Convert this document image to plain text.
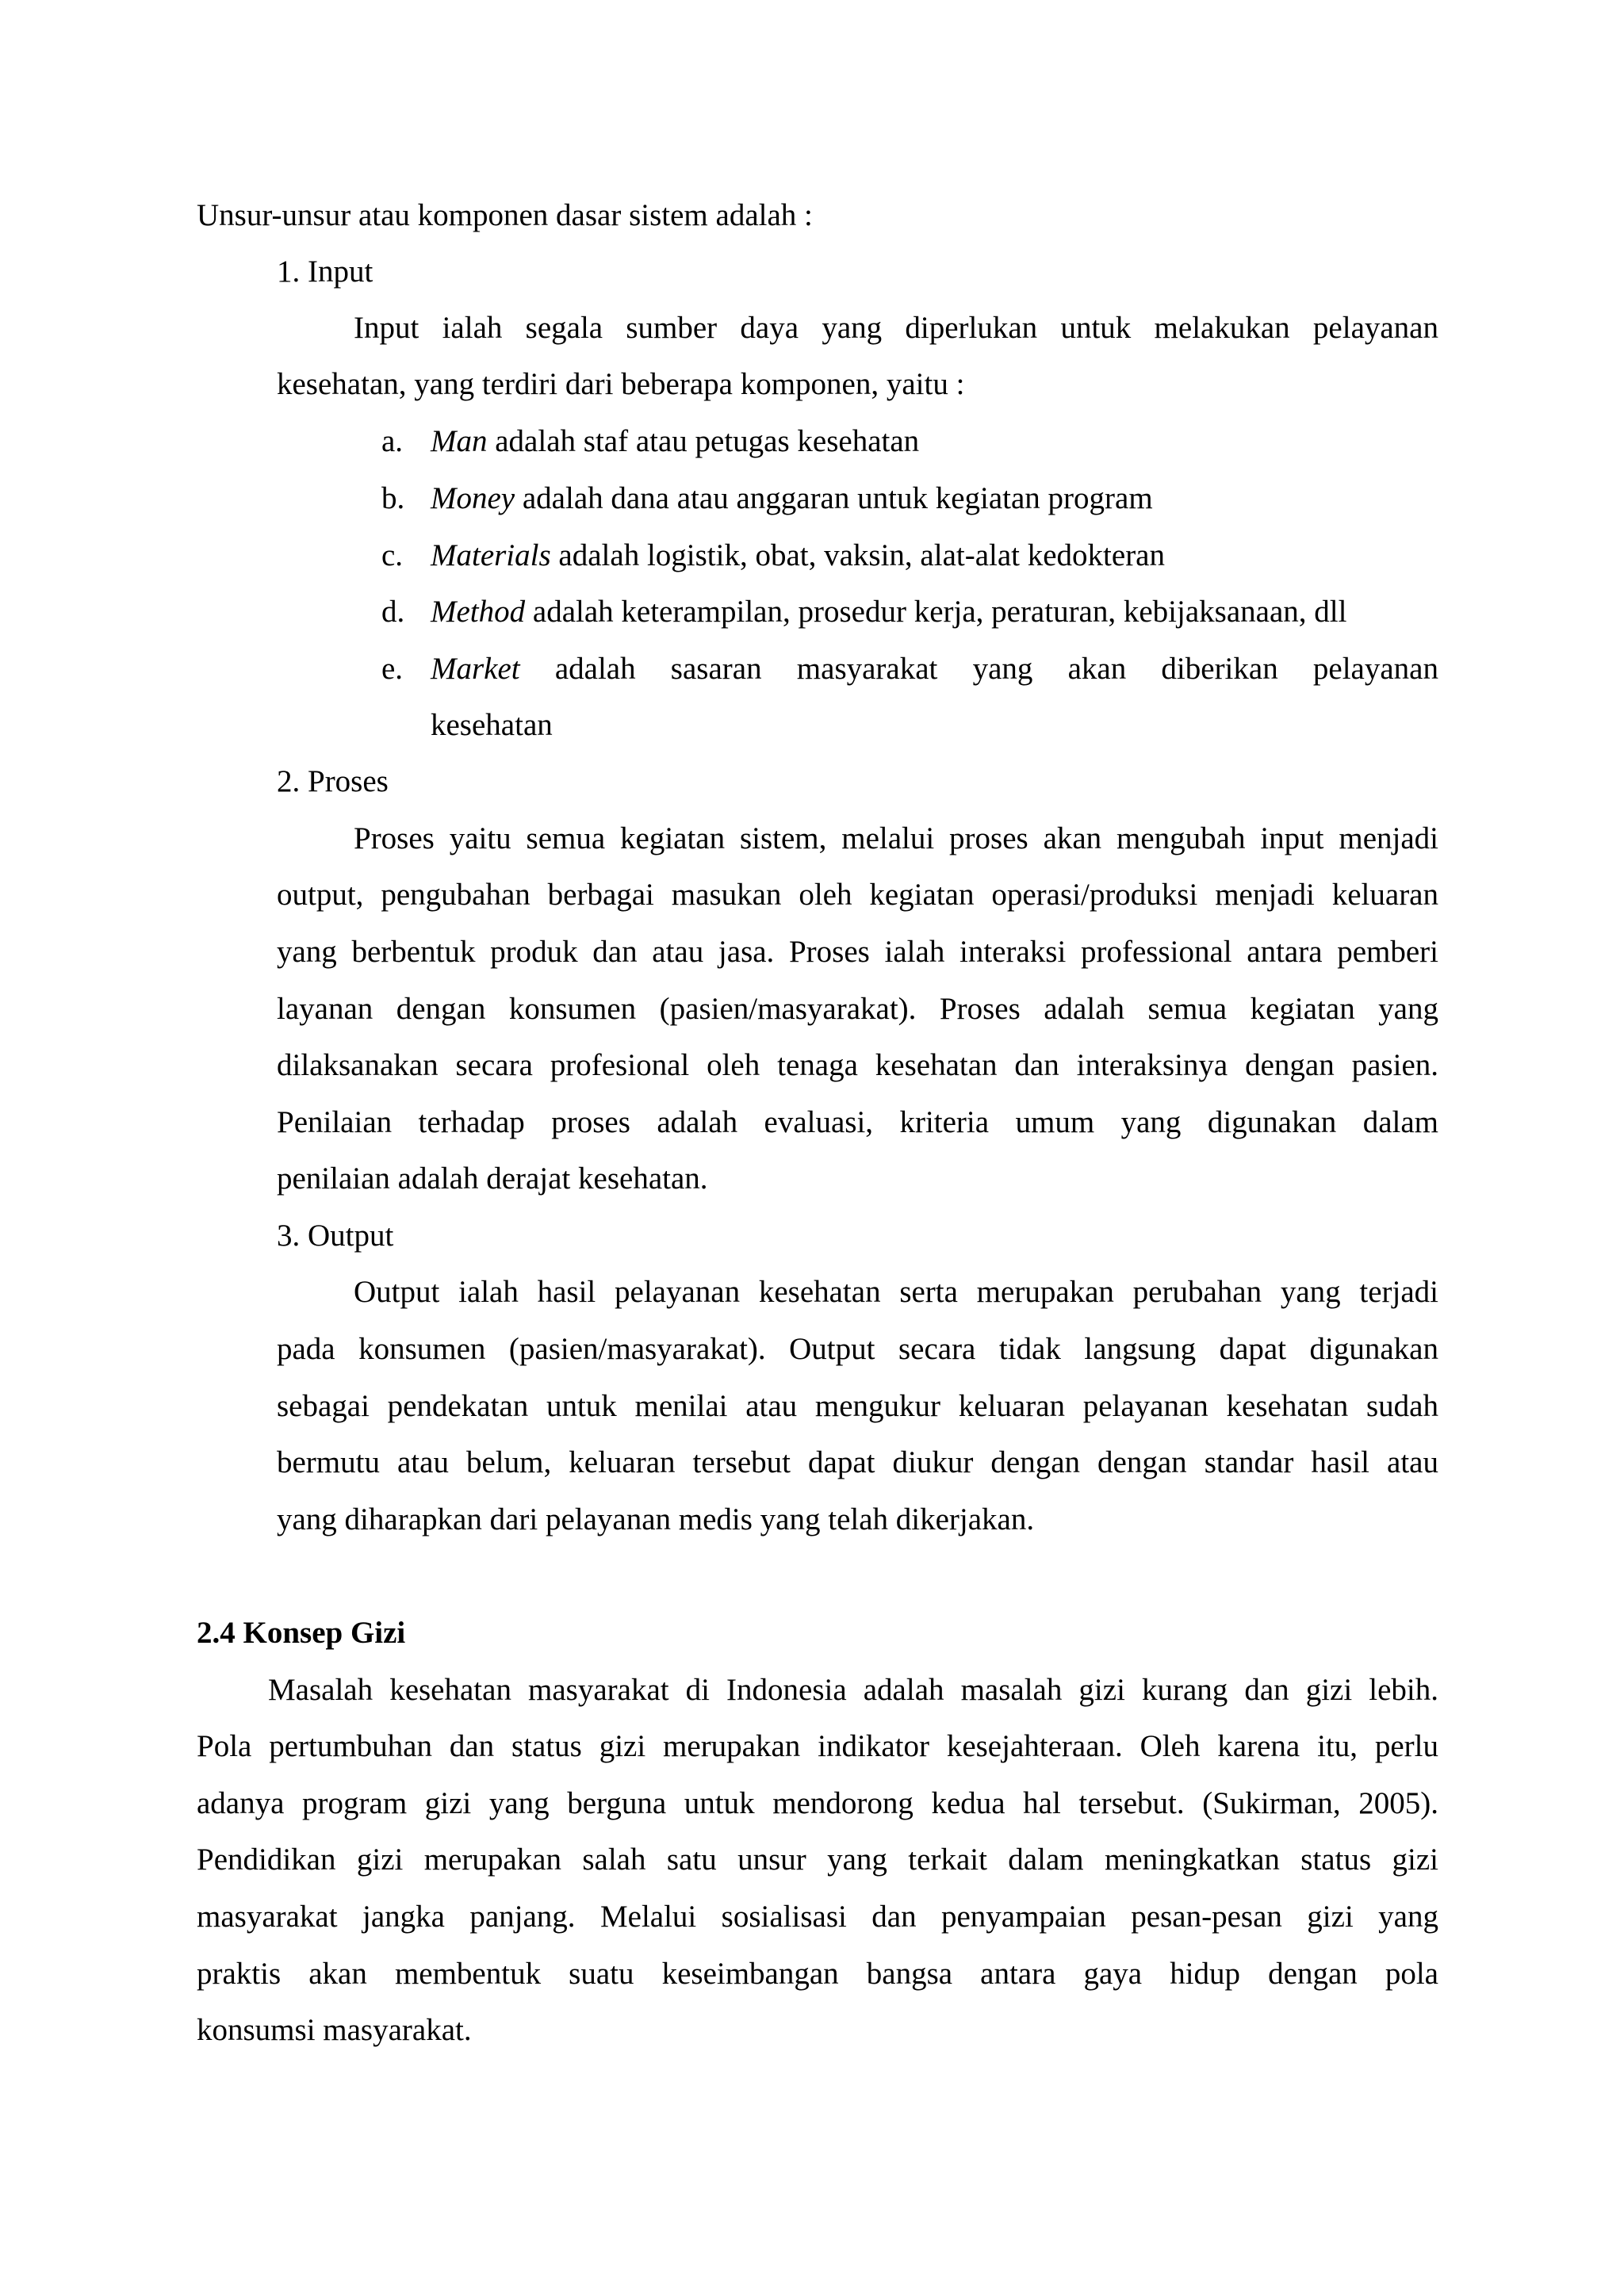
Unsur-unsur atau komponen dasar sistem adalah :
1. Input
Input ialah segala sumber daya yang diperlukan untuk melakukan pelayanan
kesehatan, yang terdiri dari beberapa komponen, yaitu :
a. Man adalah staf atau petugas kesehatan
b. Money adalah dana atau anggaran untuk kegiatan program
c. Materials adalah logistik, obat, vaksin, alat-alat kedokteran
d. Method adalah keterampilan, prosedur kerja, peraturan, kebijaksanaan, dll
e. Market adalah sasaran masyarakat yang akan diberikan pelayanan
kesehatan
2. Proses
Proses yaitu semua kegiatan sistem, melalui proses akan mengubah input menjadi
output, pengubahan berbagai masukan oleh kegiatan operasi/produksi menjadi keluaran
yang berbentuk produk dan atau jasa. Proses ialah interaksi professional antara pemberi
layanan dengan konsumen (pasien/masyarakat). Proses adalah semua kegiatan yang
dilaksanakan secara profesional oleh tenaga kesehatan dan interaksinya dengan pasien.
Penilaian terhadap proses adalah evaluasi, kriteria umum yang digunakan dalam
penilaian adalah derajat kesehatan.
3. Output
Output ialah hasil pelayanan kesehatan serta merupakan perubahan yang terjadi
pada konsumen (pasien/masyarakat). Output secara tidak langsung dapat digunakan
sebagai pendekatan untuk menilai atau mengukur keluaran pelayanan kesehatan sudah
bermutu atau belum, keluaran tersebut dapat diukur dengan dengan standar hasil atau
yang diharapkan dari pelayanan medis yang telah dikerjakan.
2.4 Konsep Gizi
Masalah kesehatan masyarakat di Indonesia adalah masalah gizi kurang dan gizi lebih.
Pola pertumbuhan dan status gizi merupakan indikator kesejahteraan. Oleh karena itu, perlu
adanya program gizi yang berguna untuk mendorong kedua hal tersebut. (Sukirman, 2005).
Pendidikan gizi merupakan salah satu unsur yang terkait dalam meningkatkan status gizi
masyarakat jangka panjang. Melalui sosialisasi dan penyampaian pesan-pesan gizi yang
praktis akan membentuk suatu keseimbangan bangsa antara gaya hidup dengan pola
konsumsi masyarakat.
